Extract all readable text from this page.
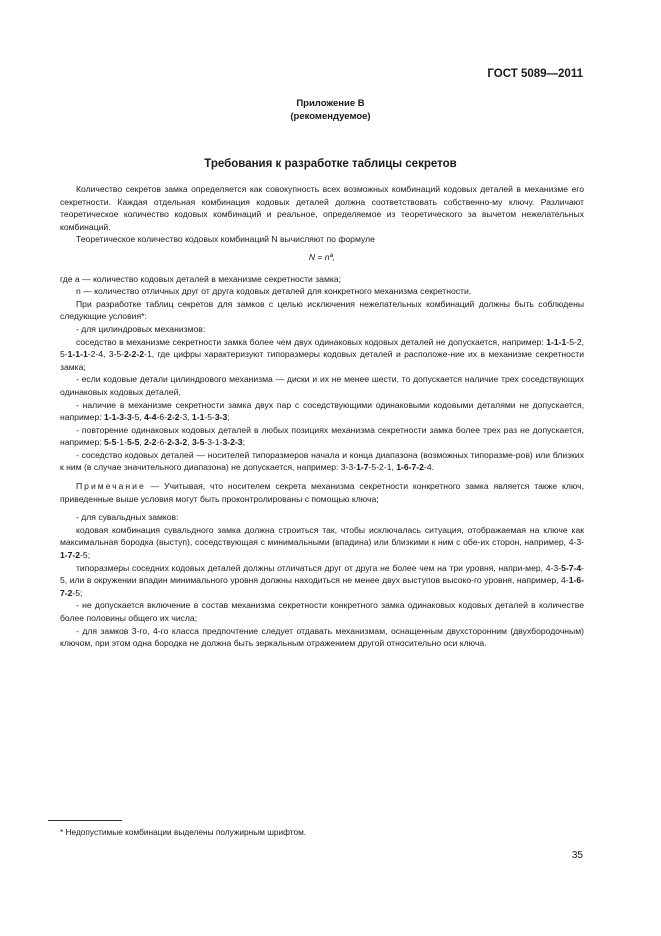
ГОСТ 5089—2011
Приложение В
(рекомендуемое)
Требования к разработке таблицы секретов

Количество секретов замка определяется как совокупность всех возможных комбинаций кодовых деталей в механизме его секретности. Каждая отдельная комбинация кодовых деталей должна соответствовать собственно-му ключу. Различают теоретическое количество кодовых комбинаций и реальное, определяемое из теоретического за вычетом нежелательных комбинаций.

Теоретическое количество кодовых комбинаций N вычисляют по формуле

N = nª,

где a — количество кодовых деталей в механизме секретности замка;

n — количество отличных друг от друга кодовых деталей для конкретного механизма секретности.

При разработке таблиц секретов для замков с целью исключения нежелательных комбинаций должны быть соблюдены следующие условия*:

- для цилиндровых механизмов:

соседство в механизме секретности замка более чем двух одинаковых кодовых деталей не допускается, например: 1-1-1-5-2, 5-1-1-1-2-4, 3-5-2-2-2-1, где цифры характеризуют типоразмеры кодовых деталей и расположе-ние их в механизме секретности замка;

- если кодовые детали цилиндрового механизма — диски и их не менее шести, то допускается наличие трех соседствующих одинаковых кодовых деталей,

- наличие в механизме секретности замка двух пар с соседствующими одинаковыми кодовыми деталями не допускается, например: 1-1-3-3-5, 4-4-6-2-2-3, 1-1-5-3-3;

- повторение одинаковых кодовых деталей в любых позициях механизма секретности замка более трех раз не допускается, например: 5-5-1-5-5, 2-2-6-2-3-2, 3-5-3-1-3-2-3;

- соседство кодовых деталей — носителей типоразмеров начала и конца диапазона (возможных типоразме-ров) или близких к ним (в случае значительного диапазона) не допускается, например: 3-3-1-7-5-2-1, 1-6-7-2-4.

Примечание — Учитывая, что носителем секрета механизма секретности конкретного замка является также ключ, приведенные выше условия могут быть проконтролированы с помощью ключа;

- для сувальдных замков:

кодовая комбинация сувальдного замка должна строиться так, чтобы исключалась ситуация, отображаемая на ключе как максимальная бородка (выступ), соседствующая с минимальными (впадина) или близкими к ним с обе-их сторон, например, 4-3-1-7-2-5;

типоразмеры соседних кодовых деталей должны отличаться друг от друга не более чем на три уровня, напри-мер, 4-3-5-7-4-5, или в окружении впадин минимального уровня должны находиться не менее двух выступов высоко-го уровня, например, 4-1-6-7-2-5;

- не допускается включение в состав механизма секретности конкретного замка одинаковых кодовых деталей в количестве более половины общего их числа;

- для замков 3-го, 4-го класса предпочтение следует отдавать механизмам, оснащенным двухсторонним (двухбородочным) ключом, при этом одна бородка не должна быть зеркальным отражением другой относительно оси ключа.

* Недопустимые комбинации выделены полужирным шрифтом.
35
